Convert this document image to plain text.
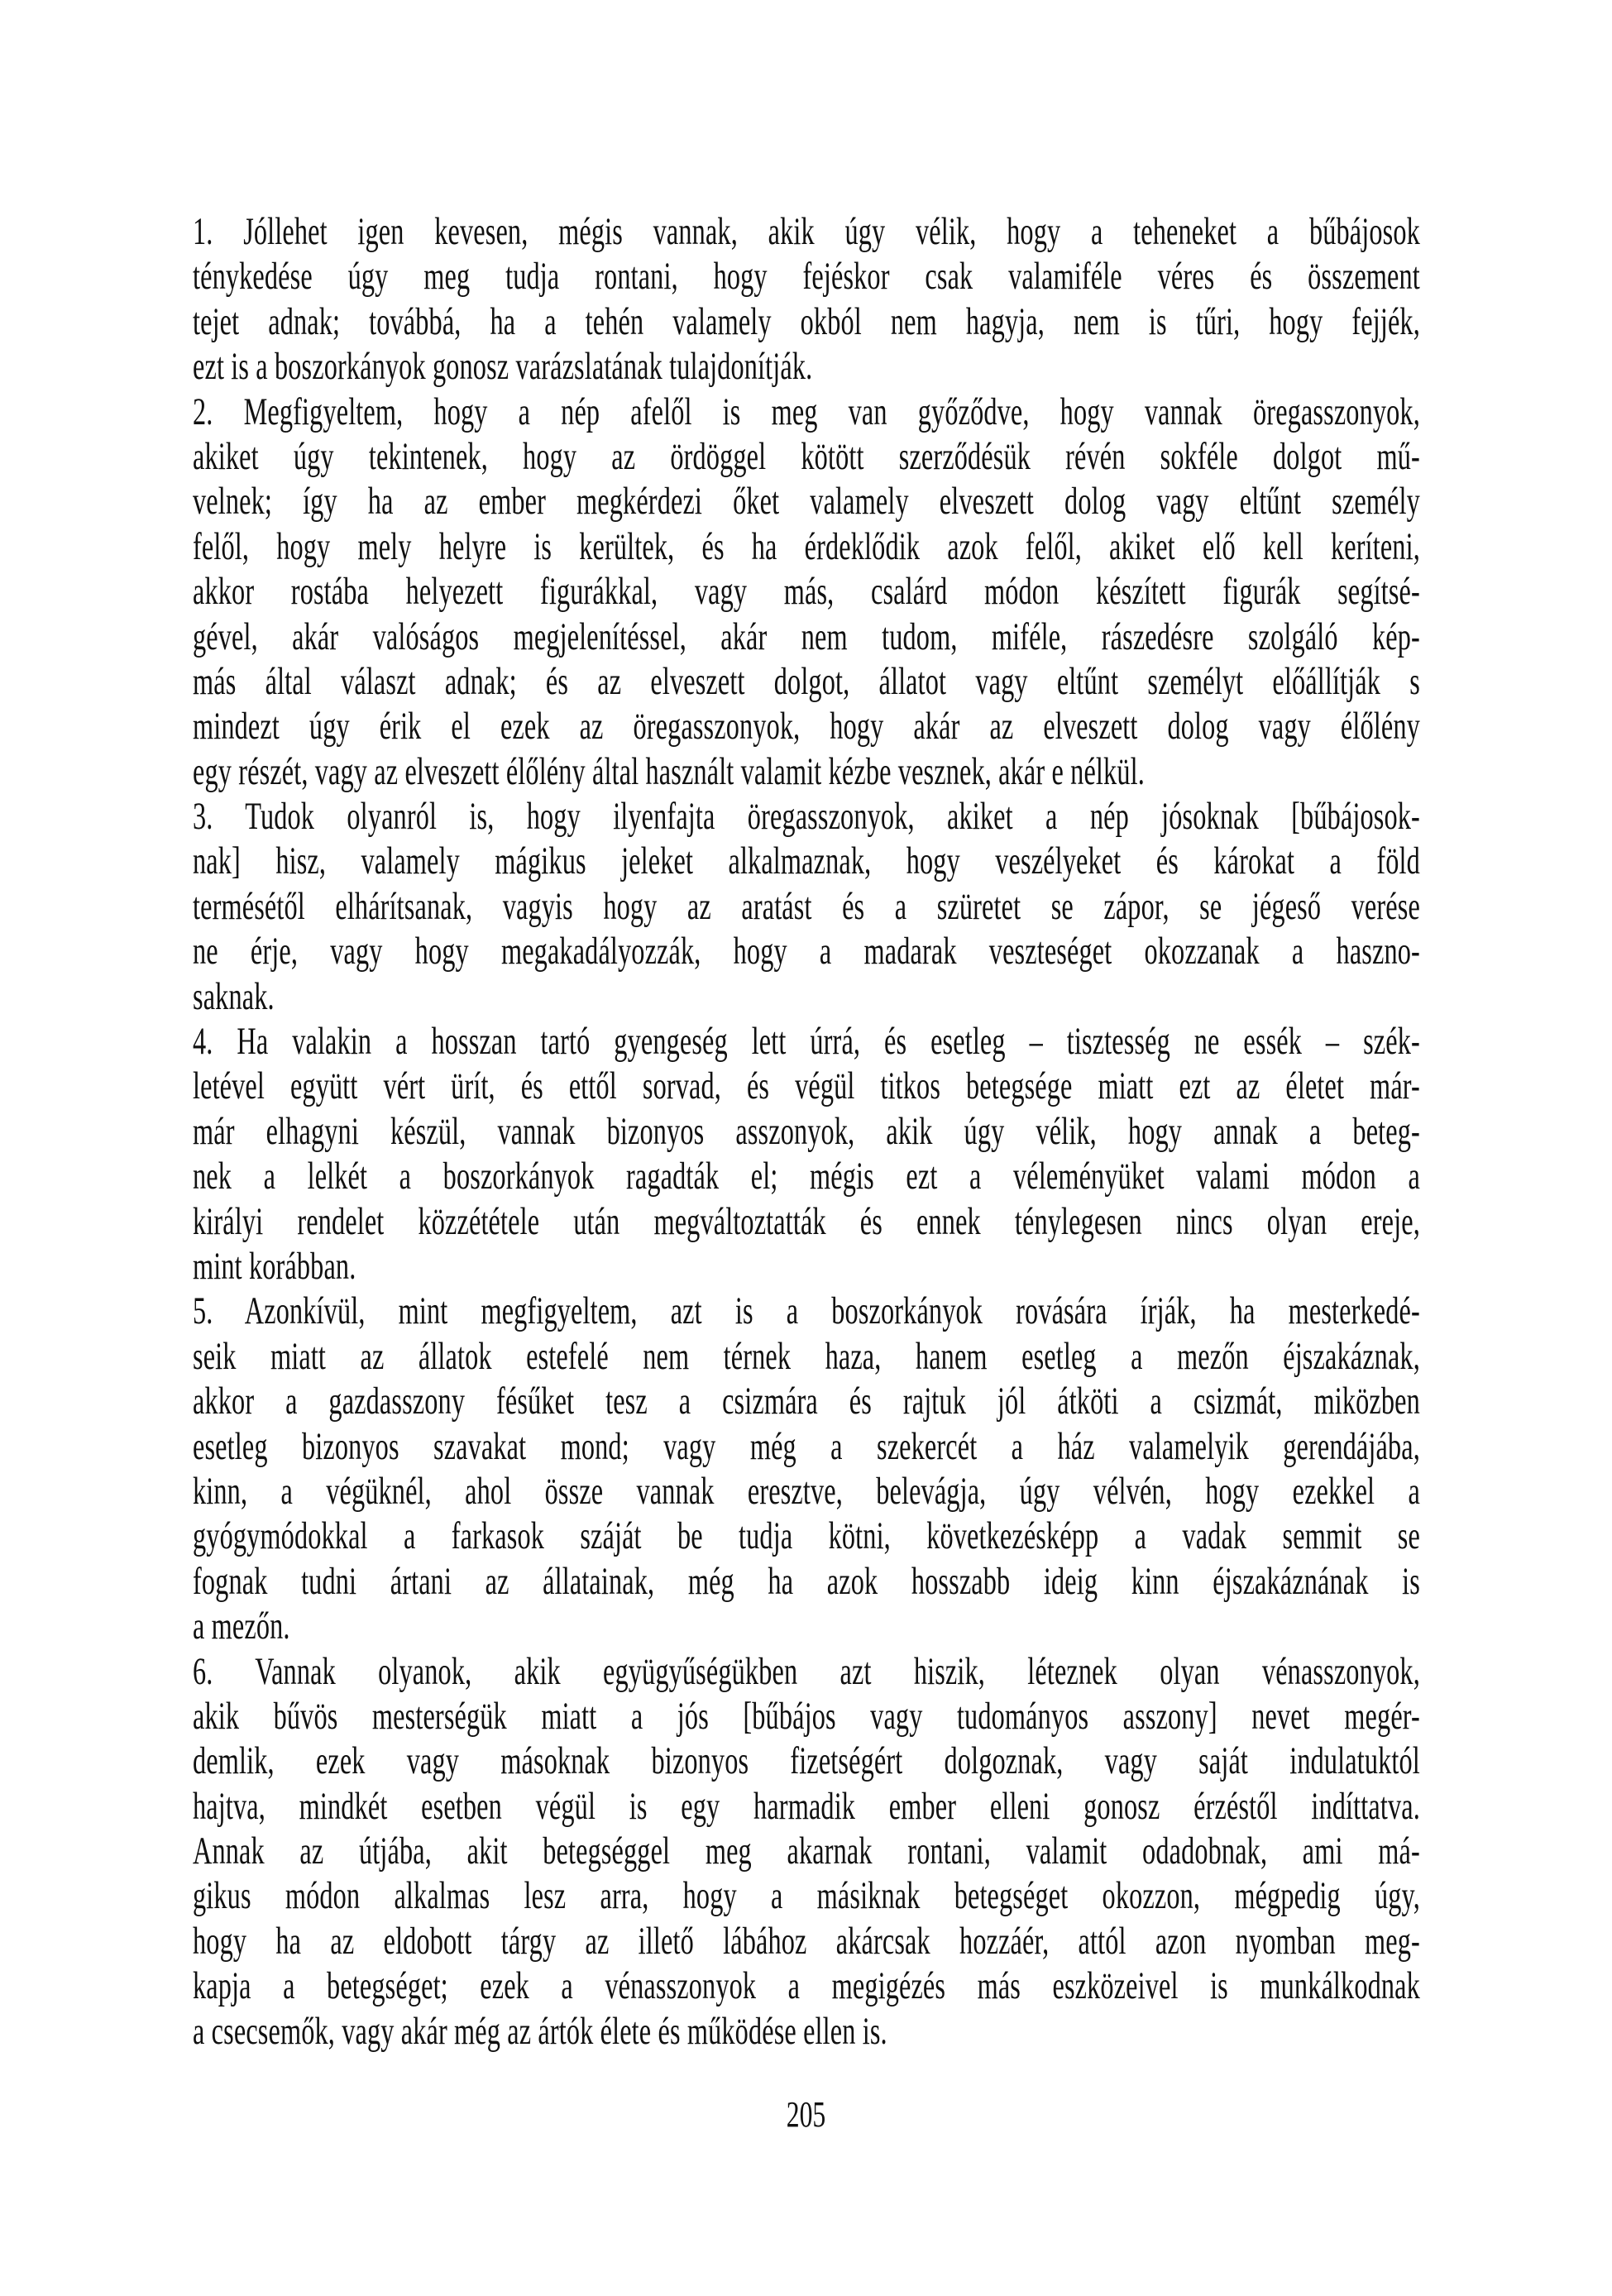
1. Jóllehet igen kevesen, mégis vannak, akik úgy vélik, hogy a teheneket a bűbájosok
ténykedése úgy meg tudja rontani, hogy fejéskor csak valamiféle véres és összement
tejet adnak; továbbá, ha a tehén valamely okból nem hagyja, nem is tűri, hogy fejjék,
ezt is a boszorkányok gonosz varázslatának tulajdonítják.
2. Megfigyeltem, hogy a nép afelől is meg van győződve, hogy vannak öregasszonyok,
akiket úgy tekintenek, hogy az ördöggel kötött szerződésük révén sokféle dolgot mű-
velnek; így ha az ember megkérdezi őket valamely elveszett dolog vagy eltűnt személy
felől, hogy mely helyre is kerültek, és ha érdeklődik azok felől, akiket elő kell keríteni,
akkor rostába helyezett figurákkal, vagy más, csalárd módon készített figurák segítsé-
gével, akár valóságos megjelenítéssel, akár nem tudom, miféle, rászedésre szolgáló kép-
más által választ adnak; és az elveszett dolgot, állatot vagy eltűnt személyt előállítják s
mindezt úgy érik el ezek az öregasszonyok, hogy akár az elveszett dolog vagy élőlény
egy részét, vagy az elveszett élőlény által használt valamit kézbe vesznek, akár e nélkül.
3. Tudok olyanról is, hogy ilyenfajta öregasszonyok, akiket a nép jósoknak [bűbájosok-
nak] hisz, valamely mágikus jeleket alkalmaznak, hogy veszélyeket és károkat a föld
termésétől elhárítsanak, vagyis hogy az aratást és a szüretet se zápor, se jégeső verése
ne érje, vagy hogy megakadályozzák, hogy a madarak veszteséget okozzanak a haszno-
saknak.
4. Ha valakin a hosszan tartó gyengeség lett úrrá, és esetleg – tisztesség ne essék – szék-
letével együtt vért ürít, és ettől sorvad, és végül titkos betegsége miatt ezt az életet már-
már elhagyni készül, vannak bizonyos asszonyok, akik úgy vélik, hogy annak a beteg-
nek a lelkét a boszorkányok ragadták el; mégis ezt a véleményüket valami módon a
királyi rendelet közzététele után megváltoztatták és ennek ténylegesen nincs olyan ereje,
mint korábban.
5. Azonkívül, mint megfigyeltem, azt is a boszorkányok rovására írják, ha mesterkedé-
seik miatt az állatok estefelé nem térnek haza, hanem esetleg a mezőn éjszakáznak,
akkor a gazdasszony fésűket tesz a csizmára és rajtuk jól átköti a csizmát, miközben
esetleg bizonyos szavakat mond; vagy még a szekercét a ház valamelyik gerendájába,
kinn, a végüknél, ahol össze vannak eresztve, belevágja, úgy vélvén, hogy ezekkel a
gyógymódokkal a farkasok száját be tudja kötni, következésképp a vadak semmit se
fognak tudni ártani az állatainak, még ha azok hosszabb ideig kinn éjszakáznának is
a mezőn.
6. Vannak olyanok, akik együgyűségükben azt hiszik, léteznek olyan vénasszonyok,
akik bűvös mesterségük miatt a jós [bűbájos vagy tudományos asszony] nevet megér-
demlik, ezek vagy másoknak bizonyos fizetségért dolgoznak, vagy saját indulatuktól
hajtva, mindkét esetben végül is egy harmadik ember elleni gonosz érzéstől indíttatva.
Annak az útjába, akit betegséggel meg akarnak rontani, valamit odadobnak, ami má-
gikus módon alkalmas lesz arra, hogy a másiknak betegséget okozzon, mégpedig úgy,
hogy ha az eldobott tárgy az illető lábához akárcsak hozzáér, attól azon nyomban meg-
kapja a betegséget; ezek a vénasszonyok a megigézés más eszközeivel is munkálkodnak
a csecsemők, vagy akár még az ártók élete és működése ellen is.
205
